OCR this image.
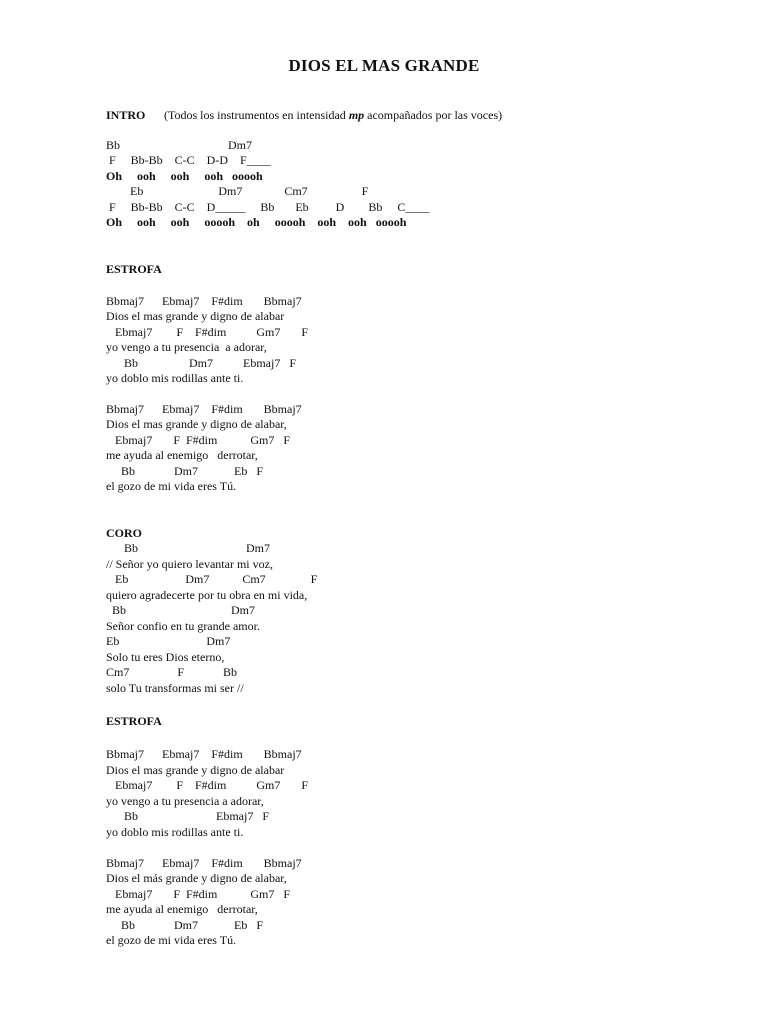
DIOS EL MAS GRANDE
INTRO (Todos los instrumentos en intensidad mp acompañados por las voces)
Bb                                    Dm7
F     Bb-Bb    C-C    D-D    F____
Oh     ooh     ooh     ooh   ooooh
Eb                         Dm7              Cm7                  F
F     Bb-Bb    C-C    D_____     Bb       Eb         D        Bb     C____
Oh     ooh     ooh     ooooh    oh     ooooh    ooh    ooh   ooooh
ESTROFA
Bbmaj7      Ebmaj7    F#dim       Bbmaj7
Dios el mas grande y digno de alabar
Ebmaj7        F    F#dim          Gm7       F
yo vengo a tu presencia  a adorar,
Bb                 Dm7          Ebmaj7   F
yo doblo mis rodillas ante ti.
Bbmaj7      Ebmaj7    F#dim       Bbmaj7
Dios el mas grande y digno de alabar,
Ebmaj7       F  F#dim           Gm7   F
me ayuda al enemigo   derrotar,
Bb             Dm7            Eb   F
el gozo de mi vida eres Tú.
CORO
Bb                                    Dm7
// Señor yo quiero levantar mi voz,
Eb                   Dm7           Cm7               F
quiero agradecerte por tu obra en mi vida,
Bb                                   Dm7
Señor confio en tu grande amor.
Eb                             Dm7
Solo tu eres Dios eterno,
Cm7                F             Bb
solo Tu transformas mi ser //
ESTROFA
Bbmaj7      Ebmaj7    F#dim       Bbmaj7
Dios el mas grande y digno de alabar
Ebmaj7        F    F#dim          Gm7       F
yo vengo a tu presencia a adorar,
Bb                          Ebmaj7   F
yo doblo mis rodillas ante ti.
Bbmaj7      Ebmaj7    F#dim       Bbmaj7
Dios el más grande y digno de alabar,
Ebmaj7       F  F#dim           Gm7   F
me ayuda al enemigo   derrotar,
Bb             Dm7            Eb   F
el gozo de mi vida eres Tú.
